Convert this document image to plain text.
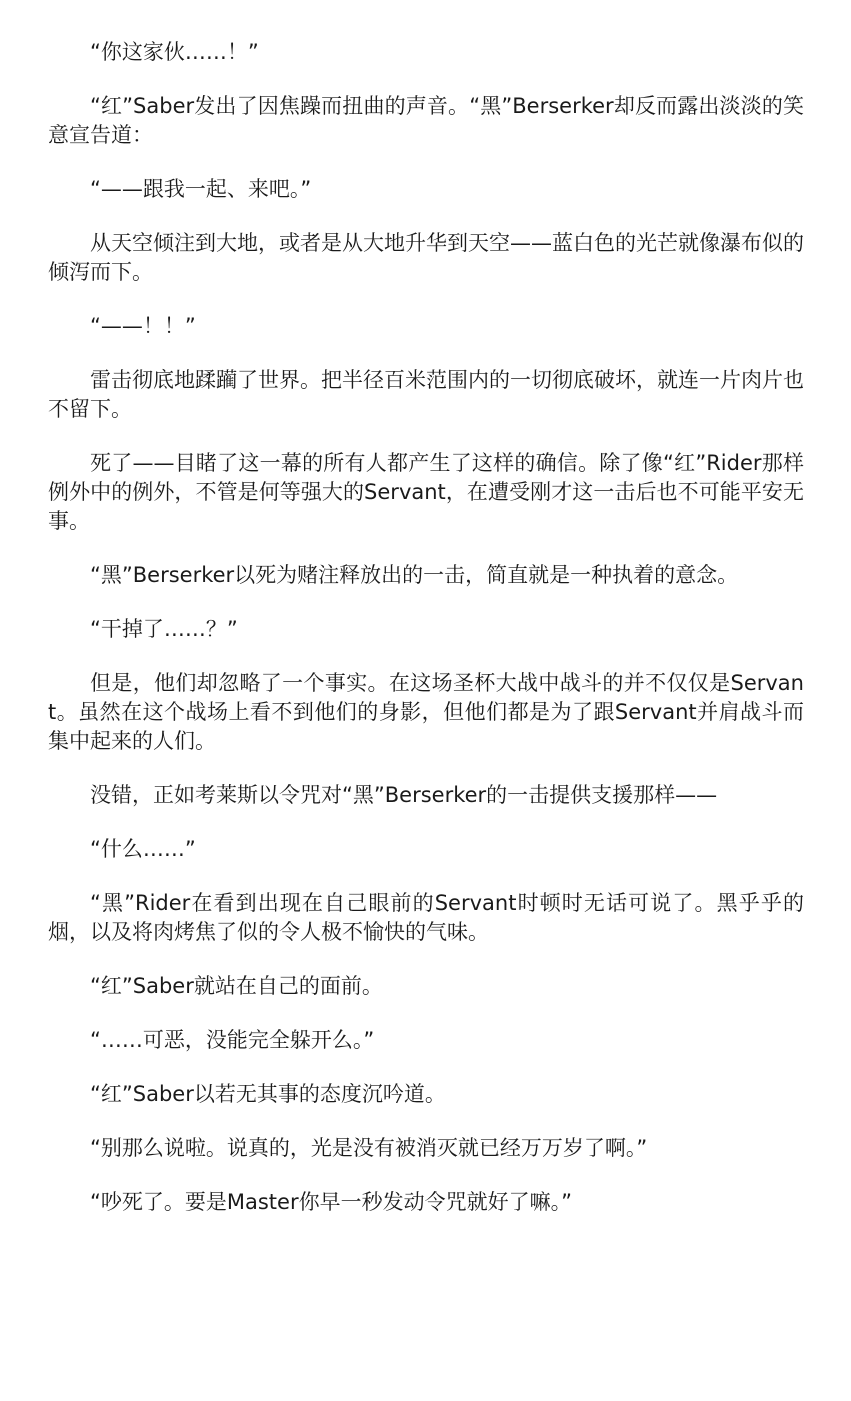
“你这家伙……！”

“红”Saber发出了因焦躁而扭曲的声音。“黑”Berserker却反而露出淡淡的笑意宣告道：

“——跟我一起、来吧。”

从天空倾注到大地，或者是从大地升华到天空——蓝白色的光芒就像瀑布似的倾泻而下。

“——！！”

雷击彻底地蹂躏了世界。把半径百米范围内的一切彻底破坏，就连一片肉片也不留下。

死了——目睹了这一幕的所有人都产生了这样的确信。除了像“红”Rider那样例外中的例外，不管是何等强大的Servant，在遭受刚才这一击后也不可能平安无事。

“黑”Berserker以死为赌注释放出的一击，简直就是一种执着的意念。

“干掉了……？”

但是，他们却忽略了一个事实。在这场圣杯大战中战斗的并不仅仅是Servant。虽然在这个战场上看不到他们的身影，但他们都是为了跟Servant并肩战斗而集中起来的人们。

没错，正如考莱斯以令咒对“黑”Berserker的一击提供支援那样——

“什么……”

“黑”Rider在看到出现在自己眼前的Servant时顿时无话可说了。黑乎乎的烟，以及将肉烤焦了似的令人极不愉快的气味。

“红”Saber就站在自己的面前。

“……可恶，没能完全躲开么。”

“红”Saber以若无其事的态度沉吟道。

“别那么说啦。说真的，光是没有被消灭就已经万万岁了啊。”

“吵死了。要是Master你早一秒发动令咒就好了嘛。”
